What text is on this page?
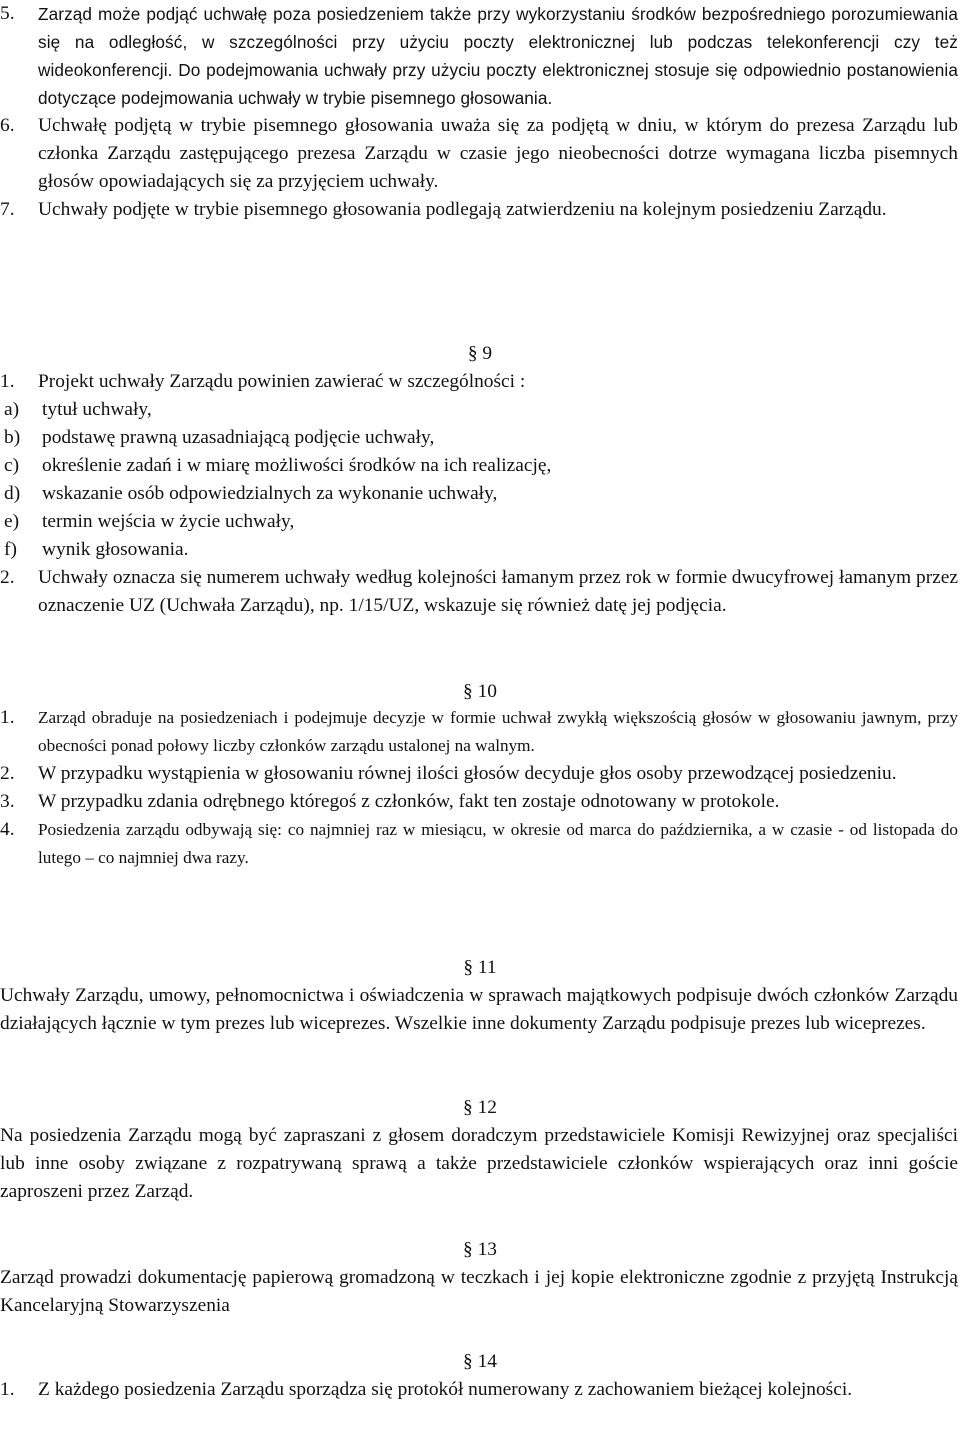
5.	Zarząd może podjąć uchwałę poza posiedzeniem także przy wykorzystaniu środków bezpośredniego porozumiewania się na odległość, w szczególności przy użyciu poczty elektronicznej lub podczas telekonferencji czy też wideokonferencji. Do podejmowania uchwały przy użyciu poczty elektronicznej stosuje się odpowiednio postanowienia dotyczące podejmowania uchwały w trybie pisemnego głosowania.
6.	Uchwałę podjętą w trybie pisemnego głosowania uważa się za podjętą w dniu, w którym do prezesa Zarządu lub członka Zarządu zastępującego prezesa Zarządu w czasie jego nieobecności dotrze wymagana liczba pisemnych głosów opowiadających się za przyjęciem uchwały.
7.	Uchwały podjęte w trybie pisemnego głosowania podlegają zatwierdzeniu na kolejnym posiedzeniu Zarządu.
§ 9
1.	Projekt uchwały Zarządu powinien zawierać w szczególności :
a)	tytuł uchwały,
b)	podstawę prawną uzasadniającą podjęcie uchwały,
c)	określenie zadań i w miarę możliwości środków na ich realizację,
d)	wskazanie osób odpowiedzialnych za wykonanie uchwały,
e)	termin wejścia w życie uchwały,
f)	wynik głosowania.
2.	Uchwały oznacza się numerem uchwały według kolejności łamanym przez rok w formie dwucyfrowej łamanym przez oznaczenie UZ (Uchwała Zarządu), np. 1/15/UZ, wskazuje się również datę jej podjęcia.
§ 10
1.	Zarząd obraduje na posiedzeniach i podejmuje decyzje w formie uchwał zwykłą większością głosów w głosowaniu jawnym, przy obecności ponad połowy liczby członków zarządu ustalonej na walnym.
2.	W przypadku wystąpienia w głosowaniu równej ilości głosów decyduje głos osoby przewodzącej posiedzeniu.
3.	W przypadku zdania odrębnego któregoś z członków, fakt ten zostaje odnotowany w protokole.
4.	Posiedzenia zarządu odbywają się: co najmniej raz w miesiącu, w okresie od marca do października, a w czasie - od listopada do lutego – co najmniej dwa razy.
§ 11
Uchwały Zarządu, umowy, pełnomocnictwa i oświadczenia w sprawach majątkowych podpisuje dwóch członków Zarządu działających łącznie w tym prezes lub wiceprezes. Wszelkie inne dokumenty Zarządu podpisuje prezes lub wiceprezes.
§ 12
Na posiedzenia Zarządu mogą być zapraszani z głosem doradczym przedstawiciele Komisji Rewizyjnej oraz specjaliści lub inne osoby związane z rozpatrywaną sprawą a także przedstawiciele członków wspierających oraz inni goście zaproszeni przez Zarząd.
§ 13
Zarząd prowadzi dokumentację papierową gromadzoną w teczkach i jej kopie elektroniczne zgodnie z przyjętą Instrukcją Kancelaryjną Stowarzyszenia
§ 14
1.	Z każdego posiedzenia Zarządu sporządza się protokół numerowany z zachowaniem bieżącej kolejności.
